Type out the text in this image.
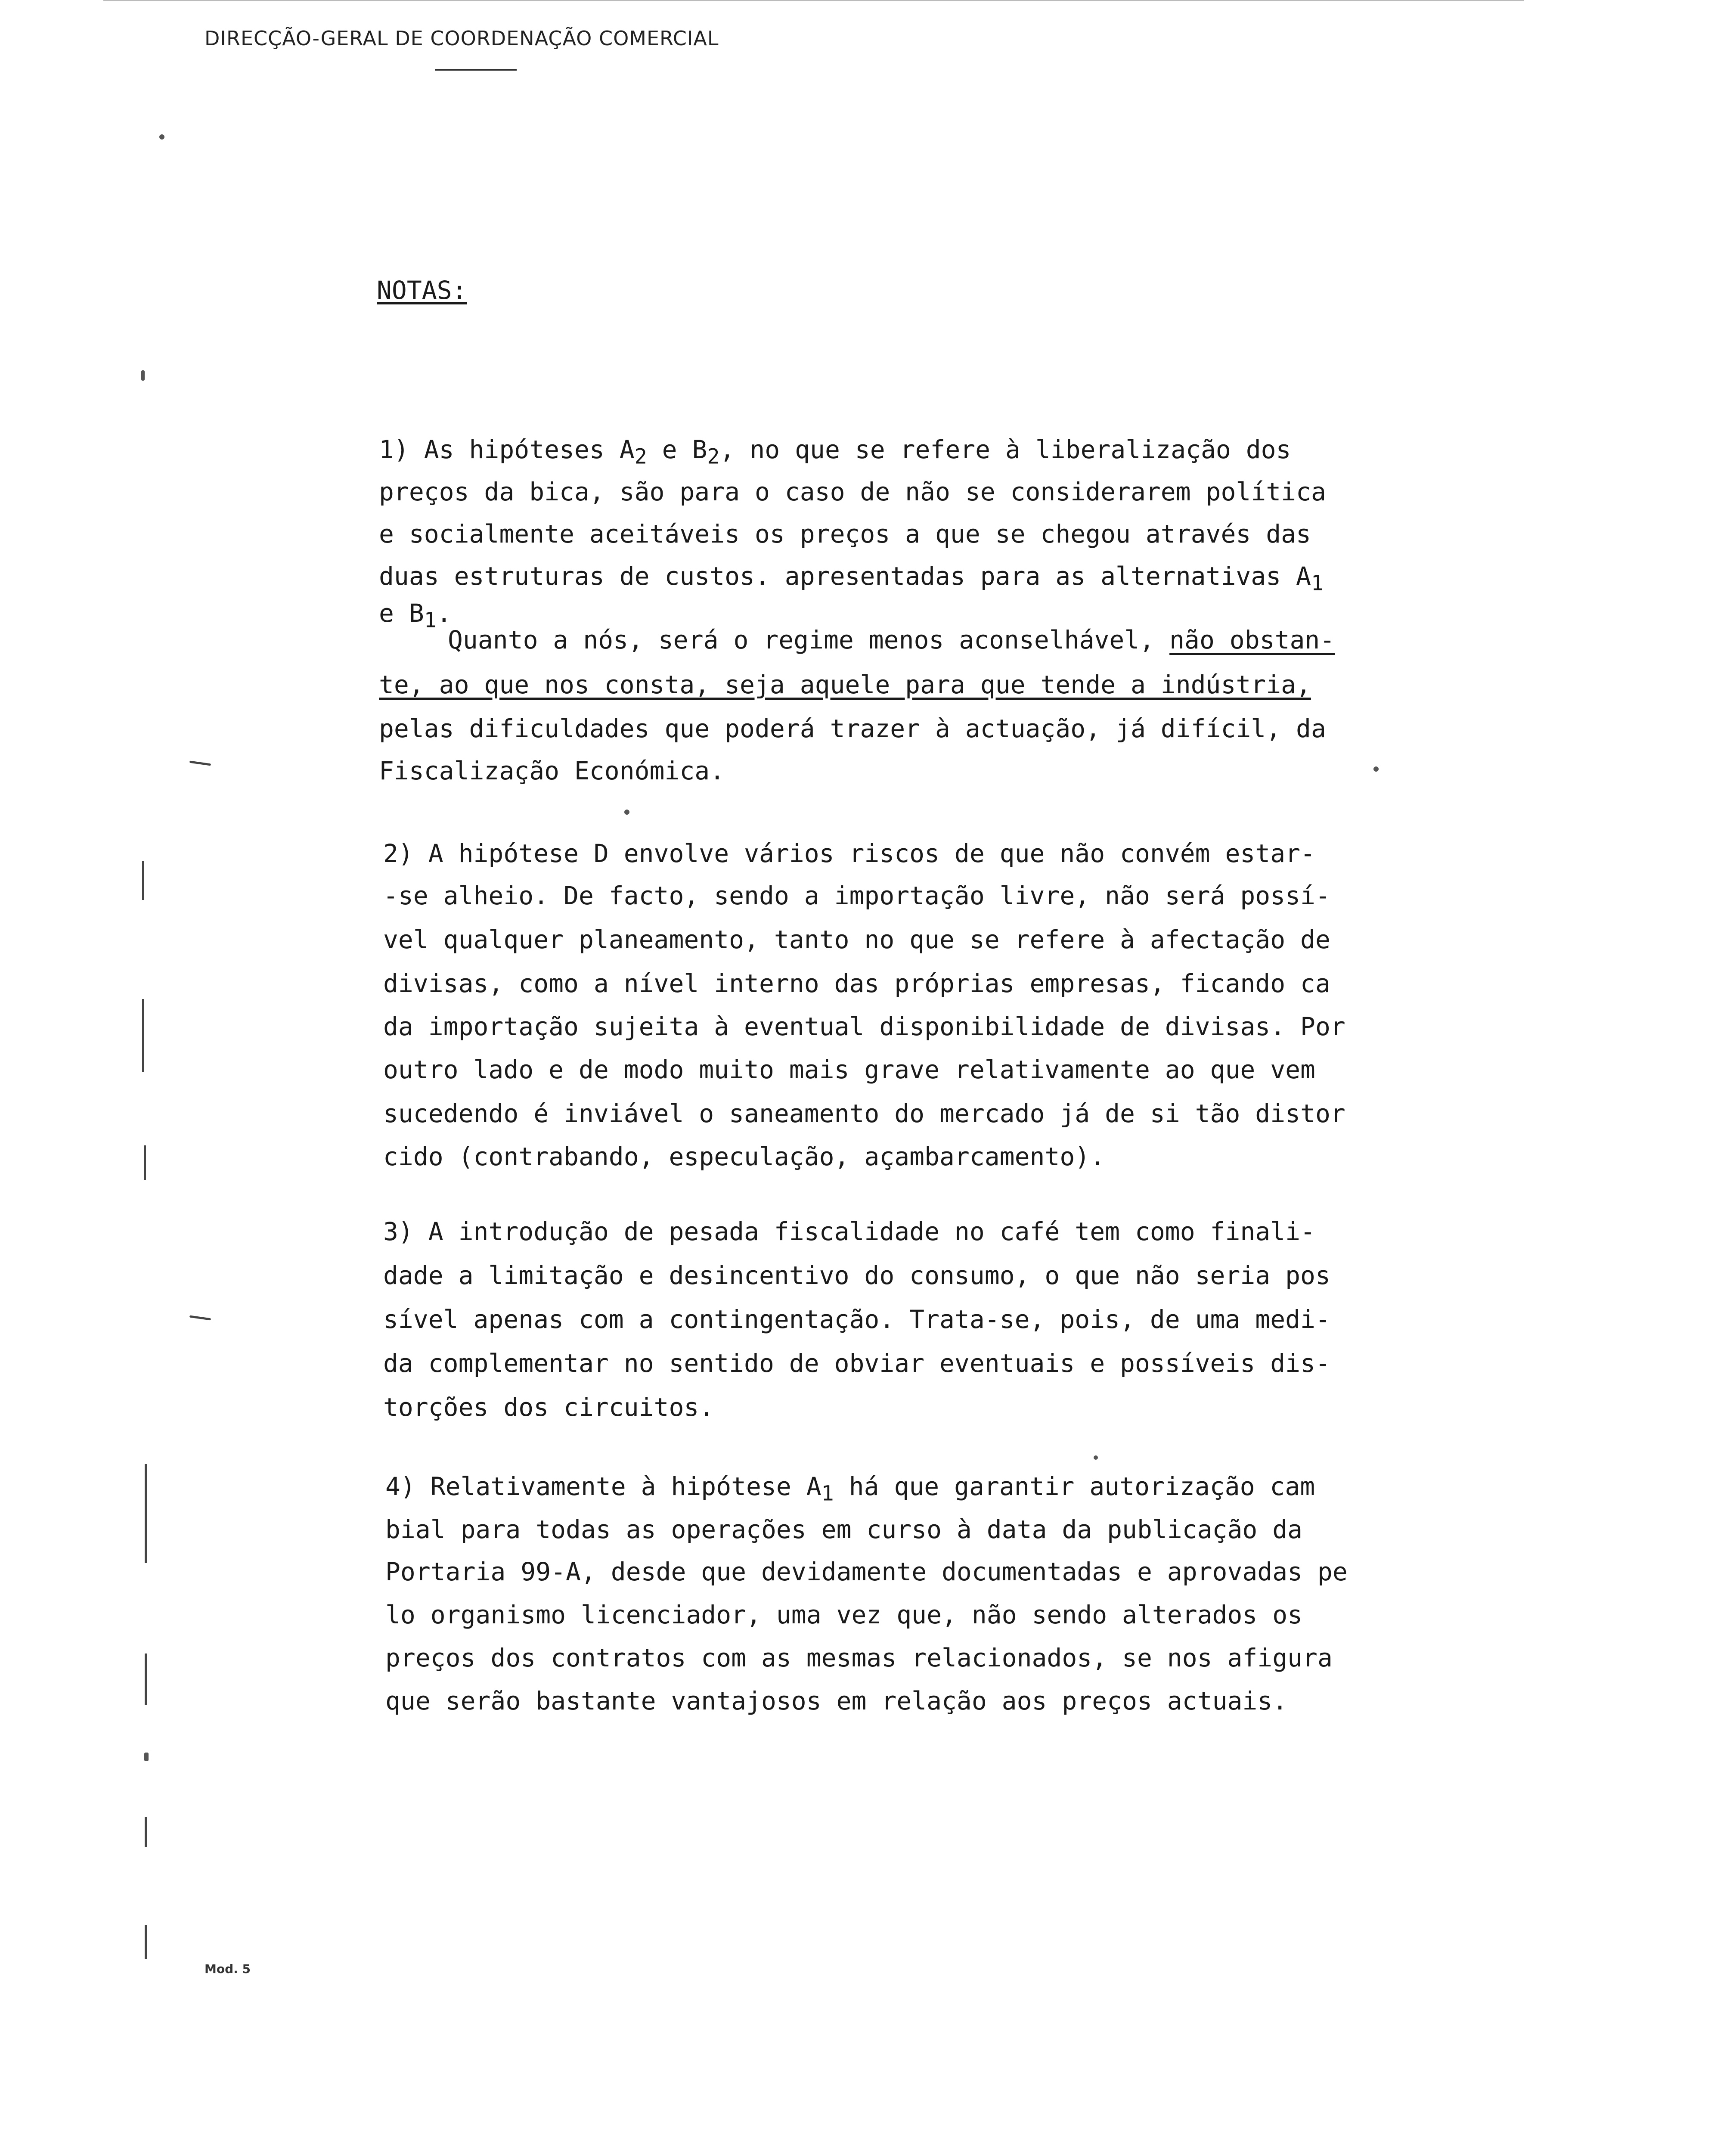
DIRECÇÃO-GERAL DE COORDENAÇÃO COMERCIAL
NOTAS:
1) As hipóteses $A_2$ e $B_2$, no que se refere à liberalização dos
preços da bica, são para o caso de não se considerarem política
e socialmente aceitáveis os preços a que se chegou através das
duas estruturas de custos. apresentadas para as alternativas $A_1$
e $B_1$.
Quanto a nós, será o regime menos aconselhável, não obstan-
te, ao que nos consta, seja aquele para que tende a indústria,
pelas dificuldades que poderá trazer à actuação, já difícil, da
Fiscalização Económica.
2) A hipótese D envolve vários riscos de que não convém estar-
-se alheio. De facto, sendo a importação livre, não será possí-
vel qualquer planeamento, tanto no que se refere à afectação de
divisas, como a nível interno das próprias empresas, ficando ca
da importação sujeita à eventual disponibilidade de divisas. Por
outro lado e de modo muito mais grave relativamente ao que vem
sucedendo é inviável o saneamento do mercado já de si tão distor
cido (contrabando, especulação, açambarcamento).
3) A introdução de pesada fiscalidade no café tem como finali-
dade a limitação e desincentivo do consumo, o que não seria pos
sível apenas com a contingentação. Trata-se, pois, de uma medi-
da complementar no sentido de obviar eventuais e possíveis dis-
torções dos circuitos.
4) Relativamente à hipótese $A_1$ há que garantir autorização cam
bial para todas as operações em curso à data da publicação da
Portaria 99-A, desde que devidamente documentadas e aprovadas pe
lo organismo licenciador, uma vez que, não sendo alterados os
preços dos contratos com as mesmas relacionados, se nos afigura
que serão bastante vantajosos em relação aos preços actuais.
Mod. 5
